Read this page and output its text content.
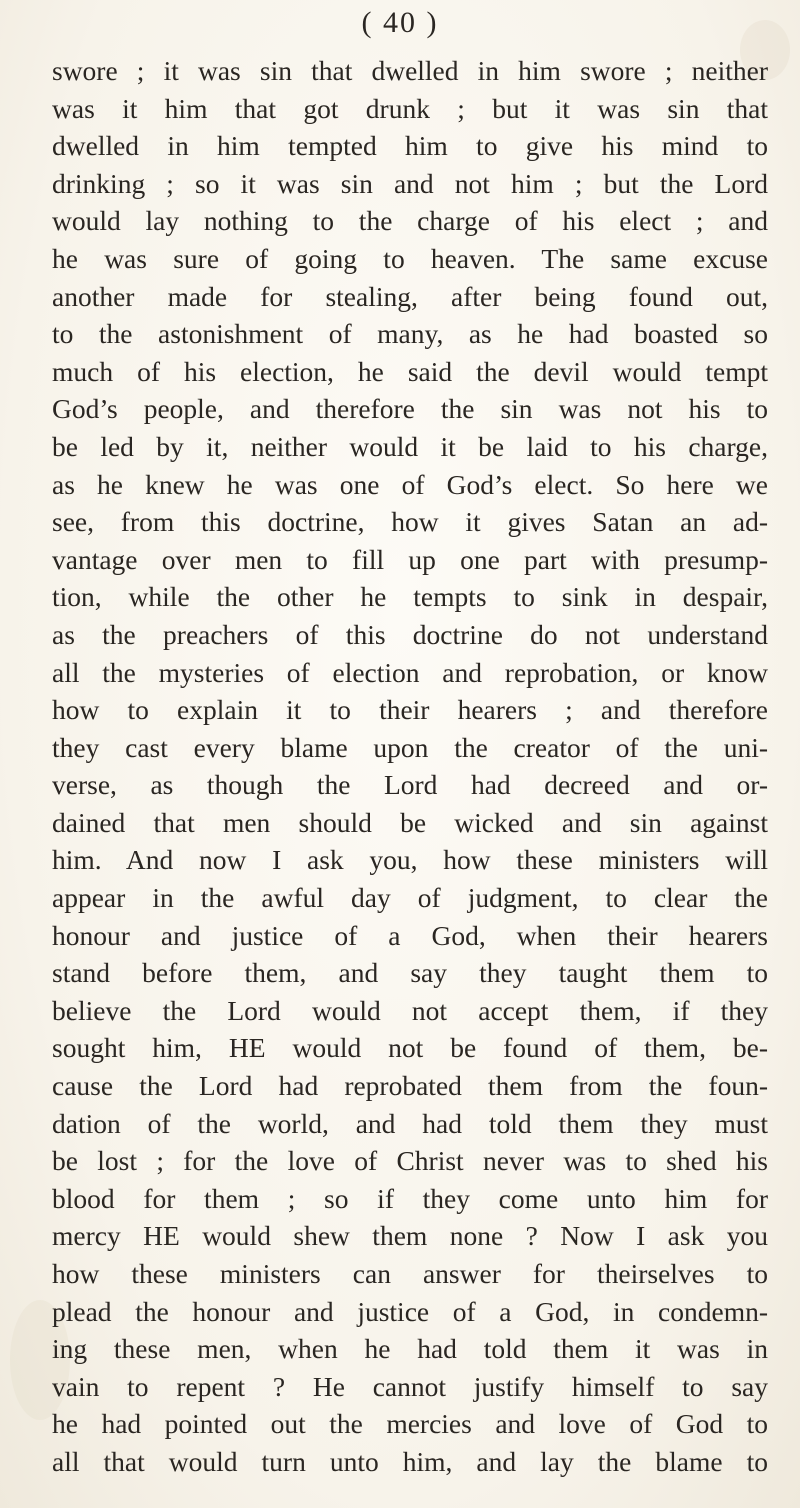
( 40 )
swore ; it was sin that dwelled in him swore ; neither
was it him that got drunk ; but it was sin that
dwelled in him tempted him to give his mind to
drinking ; so it was sin and not him ; but the Lord
would lay nothing to the charge of his elect ; and
he was sure of going to heaven. The same excuse
another made for stealing, after being found out,
to the astonishment of many, as he had boasted so
much of his election, he said the devil would tempt
God’s people, and therefore the sin was not his to
be led by it, neither would it be laid to his charge,
as he knew he was one of God’s elect. So here we
see, from this doctrine, how it gives Satan an ad-
vantage over men to fill up one part with presump-
tion, while the other he tempts to sink in despair,
as the preachers of this doctrine do not understand
all the mysteries of election and reprobation, or know
how to explain it to their hearers ; and therefore
they cast every blame upon the creator of the uni-
verse, as though the Lord had decreed and or-
dained that men should be wicked and sin against
him. And now I ask you, how these ministers will
appear in the awful day of judgment, to clear the
honour and justice of a God, when their hearers
stand before them, and say they taught them to
believe the Lord would not accept them, if they
sought him, HE would not be found of them, be-
cause the Lord had reprobated them from the foun-
dation of the world, and had told them they must
be lost ; for the love of Christ never was to shed his
blood for them ; so if they come unto him for
mercy HE would shew them none ? Now I ask you
how these ministers can answer for theirselves to
plead the honour and justice of a God, in condemn-
ing these men, when he had told them it was in
vain to repent ? He cannot justify himself to say
he had pointed out the mercies and love of God to
all that would turn unto him, and lay the blame to
